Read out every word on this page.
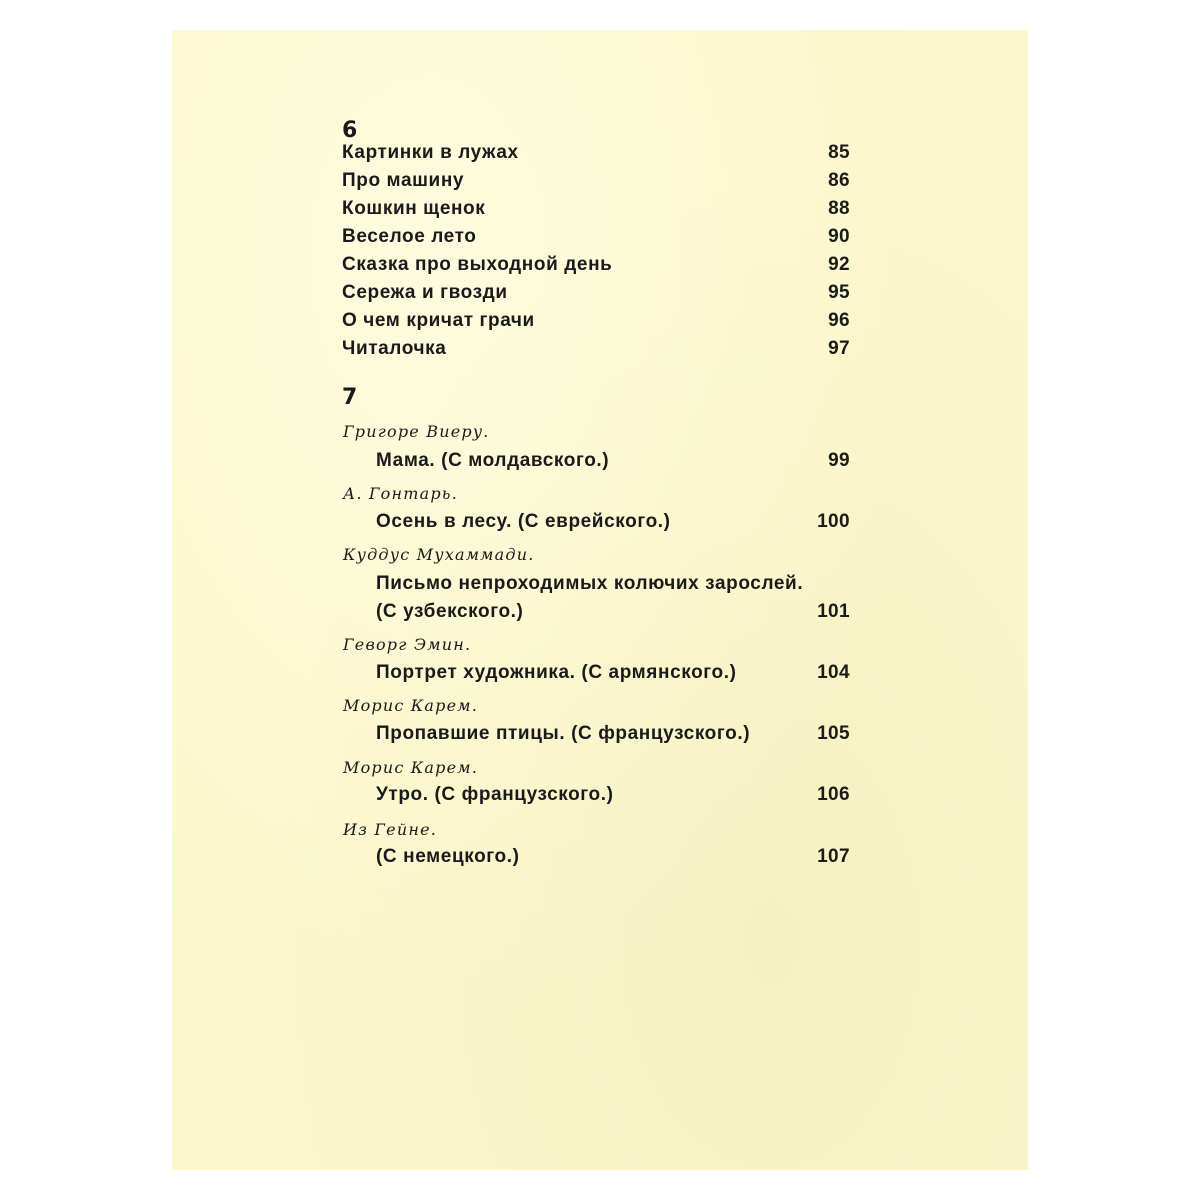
6
Картинки в лужах	85
Про машину	86
Кошкин щенок	88
Веселое лето	90
Сказка про выходной день	92
Сережа и гвозди	95
О чем кричат грачи	96
Читалочка	97
7
Григоре Виеру.
Мама. (С молдавского.)	99
А. Гонтарь.
Осень в лесу. (С еврейского.)	100
Куддус Мухаммади.
Письмо непроходимых колючих зарослей.
(С узбекского.)	101
Геворг Эмин.
Портрет художника. (С армянского.)	104
Морис Карем.
Пропавшие птицы. (С французского.)	105
Морис Карем.
Утро. (С французского.)	106
Из Гейне.
(С немецкого.)	107
